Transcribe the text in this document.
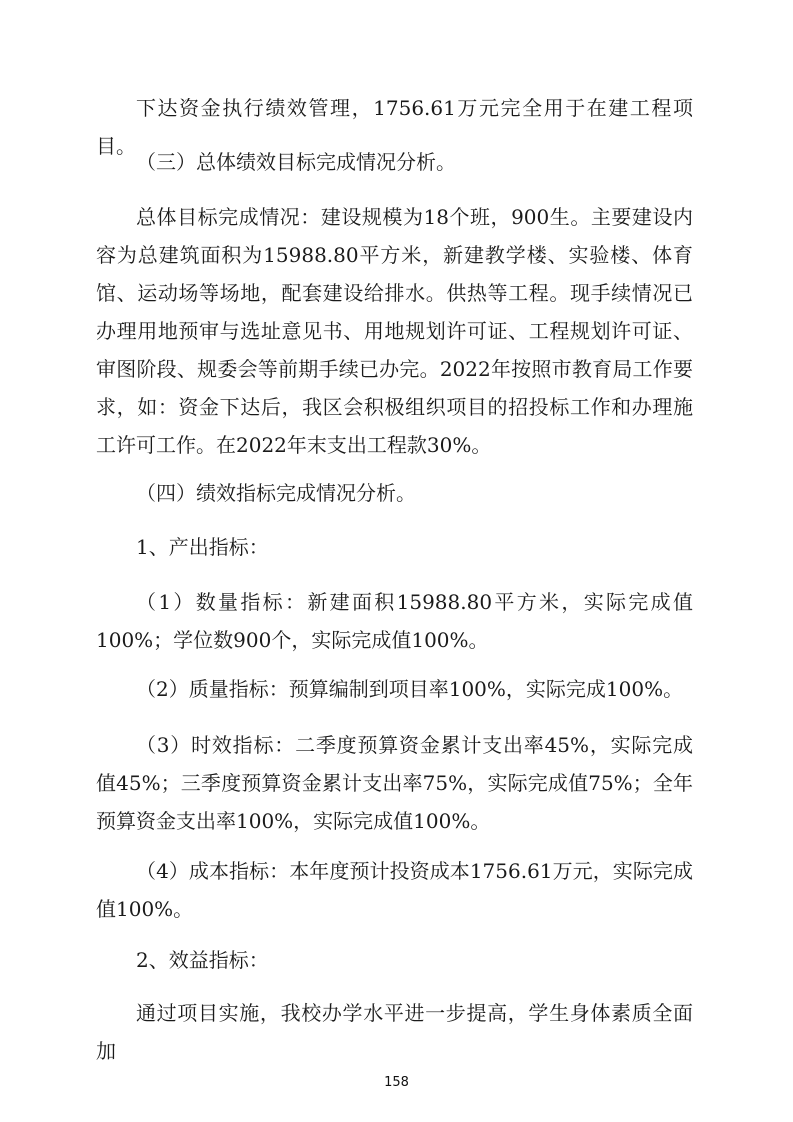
下达资金执行绩效管理，1756.61万元完全用于在建工程项目。

（三）总体绩效目标完成情况分析。

总体目标完成情况：建设规模为18个班，900生。主要建设内容为总建筑面积为15988.80平方米，新建教学楼、实验楼、体育馆、运动场等场地，配套建设给排水。供热等工程。现手续情况已办理用地预审与选址意见书、用地规划许可证、工程规划许可证、审图阶段、规委会等前期手续已办完。2022年按照市教育局工作要求，如：资金下达后，我区会积极组织项目的招投标工作和办理施工许可工作。在2022年末支出工程款30%。

（四）绩效指标完成情况分析。

1、产出指标：

（1）数量指标：新建面积15988.80平方米，实际完成值100%；学位数900个，实际完成值100%。

（2）质量指标：预算编制到项目率100%，实际完成100%。

（3）时效指标：二季度预算资金累计支出率45%，实际完成值45%；三季度预算资金累计支出率75%，实际完成值75%；全年预算资金支出率100%，实际完成值100%。

（4）成本指标：本年度预计投资成本1756.61万元，实际完成值100%。

2、效益指标：

通过项目实施，我校办学水平进一步提高，学生身体素质全面加

158
